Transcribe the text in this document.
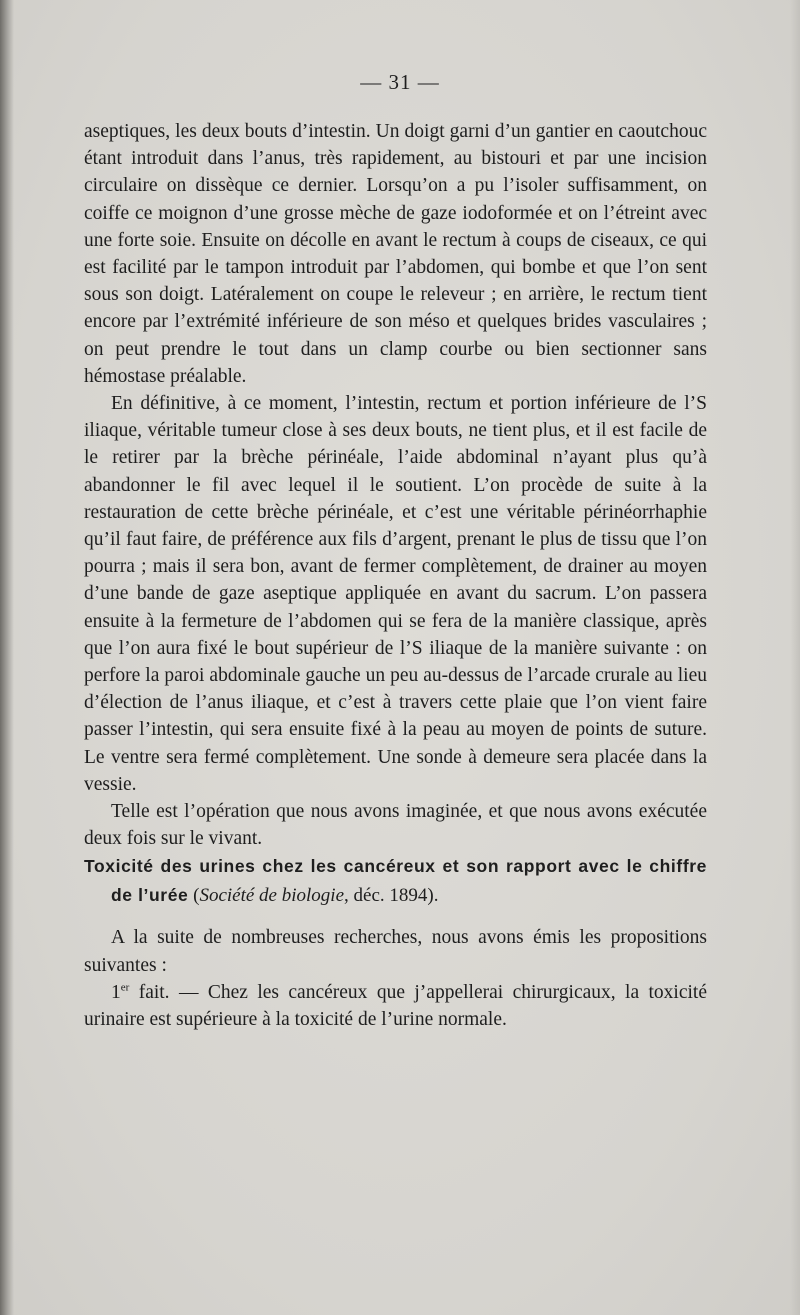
— 31 —

aseptiques, les deux bouts d’intestin. Un doigt garni d’un gantier en caoutchouc étant introduit dans l’anus, très rapidement, au bistouri et par une incision circulaire on dissèque ce dernier. Lorsqu’on a pu l’isoler suffisamment, on coiffe ce moignon d’une grosse mèche de gaze iodoformée et on l’étreint avec une forte soie. Ensuite on décolle en avant le rectum à coups de ciseaux, ce qui est facilité par le tampon introduit par l’abdomen, qui bombe et que l’on sent sous son doigt. Latéralement on coupe le releveur ; en arrière, le rectum tient encore par l’extrémité inférieure de son méso et quelques brides vasculaires ; on peut prendre le tout dans un clamp courbe ou bien sectionner sans hémostase préalable.

En définitive, à ce moment, l’intestin, rectum et portion inférieure de l’S iliaque, véritable tumeur close à ses deux bouts, ne tient plus, et il est facile de le retirer par la brèche périnéale, l’aide abdominal n’ayant plus qu’à abandonner le fil avec lequel il le soutient. L’on procède de suite à la restauration de cette brèche périnéale, et c’est une véritable périnéorrhaphie qu’il faut faire, de préférence aux fils d’argent, prenant le plus de tissu que l’on pourra ; mais il sera bon, avant de fermer complètement, de drainer au moyen d’une bande de gaze aseptique appliquée en avant du sacrum. L’on passera ensuite à la fermeture de l’abdomen qui se fera de la manière classique, après que l’on aura fixé le bout supérieur de l’S iliaque de la manière suivante : on perfore la paroi abdominale gauche un peu au-dessus de l’arcade crurale au lieu d’élection de l’anus iliaque, et c’est à travers cette plaie que l’on vient faire passer l’intestin, qui sera ensuite fixé à la peau au moyen de points de suture. Le ventre sera fermé complètement. Une sonde à demeure sera placée dans la vessie.

Telle est l’opération que nous avons imaginée, et que nous avons exécutée deux fois sur le vivant.

Toxicité des urines chez les cancéreux et son rapport avec le chiffre de l’urée (Société de biologie, déc. 1894).

A la suite de nombreuses recherches, nous avons émis les propositions suivantes :

1er fait. — Chez les cancéreux que j’appellerai chirurgicaux, la toxicité urinaire est supérieure à la toxicité de l’urine normale.
